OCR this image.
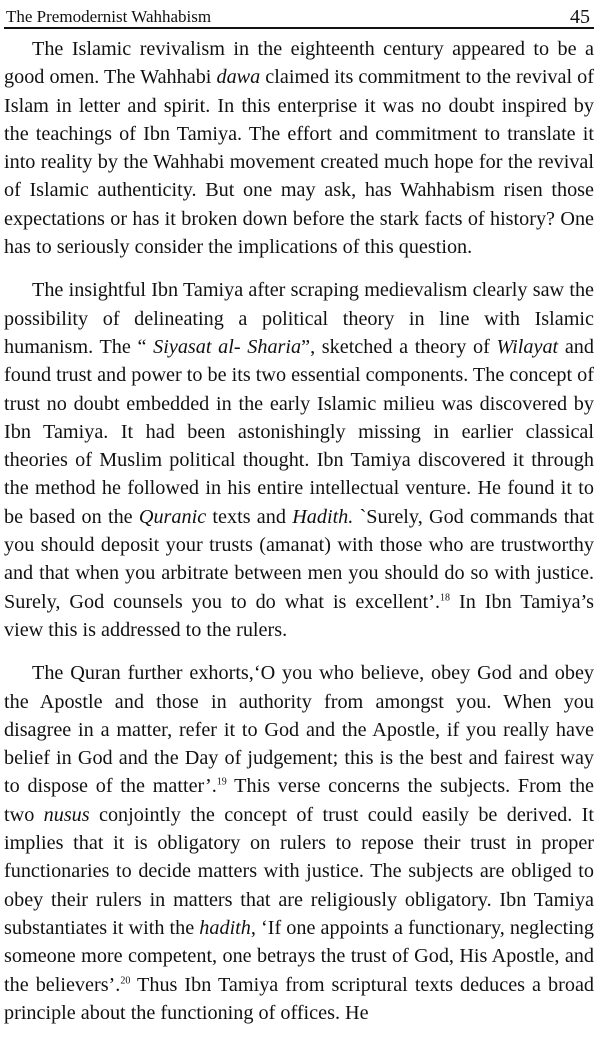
The Premodernist Wahhabism	45

The Islamic revivalism in the eighteenth century appeared to be a good omen. The Wahhabi dawa claimed its commitment to the revival of Islam in letter and spirit. In this enterprise it was no doubt inspired by the teachings of Ibn Tamiya. The effort and commitment to translate it into reality by the Wahhabi movement created much hope for the revival of Islamic authenticity. But one may ask, has Wahhabism risen those expectations or has it broken down before the stark facts of history? One has to seriously consider the implications of this question.

The insightful Ibn Tamiya after scraping medievalism clearly saw the possibility of delineating a political theory in line with Islamic humanism. The “ Siyasat al- Sharia”, sketched a theory of Wilayat and found trust and power to be its two essential components. The concept of trust no doubt embedded in the early Islamic milieu was discovered by Ibn Tamiya. It had been astonishingly missing in earlier classical theories of Muslim political thought. Ibn Tamiya discovered it through the method he followed in his entire intellectual venture. He found it to be based on the Quranic texts and Hadith. `Surely, God commands that you should deposit your trusts (amanat) with those who are trustworthy and that when you arbitrate between men you should do so with justice. Surely, God counsels you to do what is excellent’.$^{18}$ In Ibn Tamiya’s view this is addressed to the rulers.

The Quran further exhorts,‘O you who believe, obey God and obey the Apostle and those in authority from amongst you. When you disagree in a matter, refer it to God and the Apostle, if you really have belief in God and the Day of judgement; this is the best and fairest way to dispose of the matter’.$^{19}$ This verse concerns the subjects. From the two nusus conjointly the concept of trust could easily be derived. It implies that it is obligatory on rulers to repose their trust in proper functionaries to decide matters with justice. The subjects are obliged to obey their rulers in matters that are religiously obligatory. Ibn Tamiya substantiates it with the hadith, ‘If one appoints a functionary, neglecting someone more competent, one betrays the trust of God, His Apostle, and the believers’.$^{20}$ Thus Ibn Tamiya from scriptural texts deduces a broad principle about the functioning of offices. He
